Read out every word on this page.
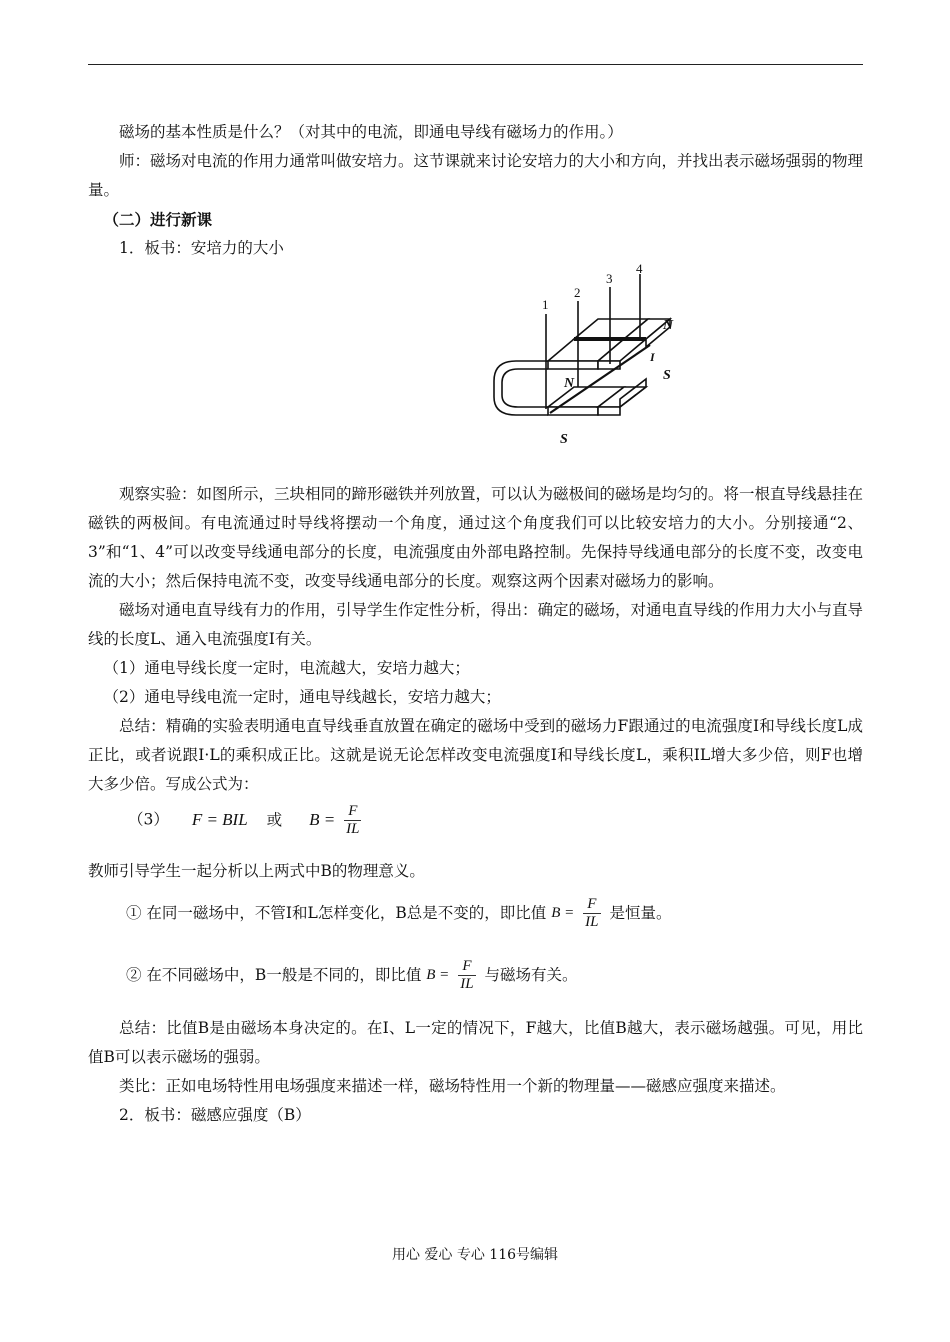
磁场的基本性质是什么？（对其中的电流，即通电导线有磁场力的作用。）

师：磁场对电流的作用力通常叫做安培力。这节课就来讨论安培力的大小和方向，并找出表示磁场强弱的物理量。

（二）进行新课

1．板书：安培力的大小

1
2
3
4
N
N
S
S
I

观察实验：如图所示，三块相同的蹄形磁铁并列放置，可以认为磁极间的磁场是均匀的。将一根直导线悬挂在磁铁的两极间。有电流通过时导线将摆动一个角度，通过这个角度我们可以比较安培力的大小。分别接通“2、3”和“1、4”可以改变导线通电部分的长度，电流强度由外部电路控制。先保持导线通电部分的长度不变，改变电流的大小；然后保持电流不变，改变导线通电部分的长度。观察这两个因素对磁场力的影响。

磁场对通电直导线有力的作用，引导学生作定性分析，得出：确定的磁场，对通电直导线的作用力大小与直导线的长度L、通入电流强度I有关。

（1）通电导线长度一定时，电流越大，安培力越大；

（2）通电导线电流一定时，通电导线越长，安培力越大；

总结：精确的实验表明通电直导线垂直放置在确定的磁场中受到的磁场力F跟通过的电流强度I和导线长度L成正比，或者说跟I·L的乘积成正比。这就是说无论怎样改变电流强度I和导线长度L，乘积IL增大多少倍，则F也增大多少倍。写成公式为：

（3） F = BIL 或 $B = \frac{F}{IL}$

教师引导学生一起分析以上两式中B的物理意义。

① 在同一磁场中，不管I和L怎样变化，B总是不变的，即比值 $B = \frac{F}{IL}$ 是恒量。
② 在不同磁场中，B一般是不同的，即比值 $B = \frac{F}{IL}$ 与磁场有关。

总结：比值B是由磁场本身决定的。在I、L一定的情况下，F越大，比值B越大，表示磁场越强。可见，用比值B可以表示磁场的强弱。

类比：正如电场特性用电场强度来描述一样，磁场特性用一个新的物理量——磁感应强度来描述。

2．板书：磁感应强度（B）

用心 爱心 专心 116号编辑
